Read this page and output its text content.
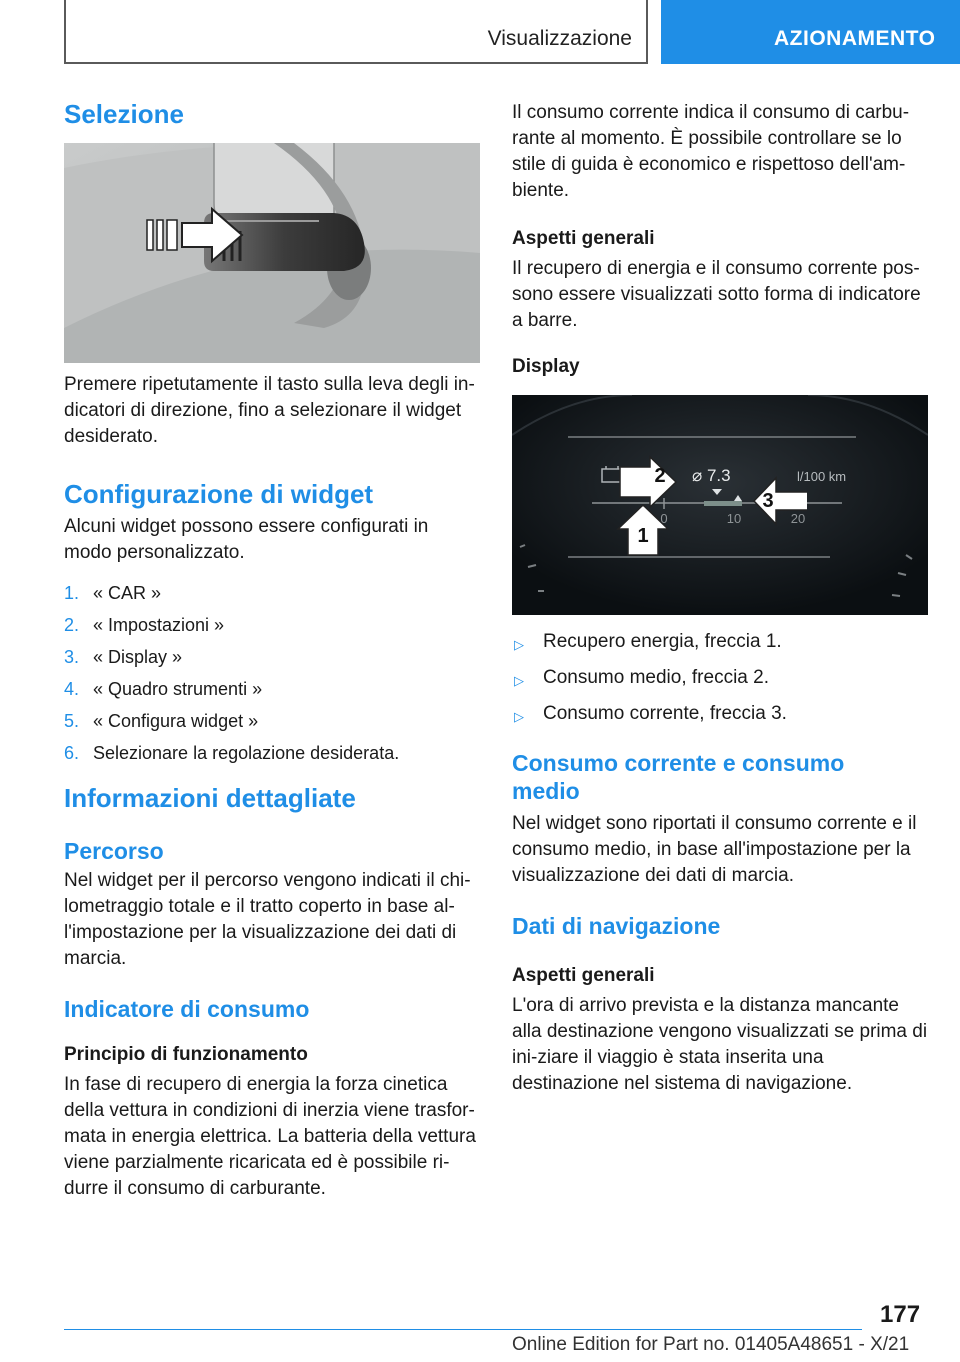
Visualizzazione	AZIONAMENTO
Selezione

Premere ripetutamente il tasto sulla leva degli in-dicatori di direzione, fino a selezionare il widget desiderato.

Configurazione di widget

Alcuni widget possono essere configurati in modo personalizzato.

1. « CAR »
2. « Impostazioni »
3. « Display »
4. « Quadro strumenti »
5. « Configura widget »
6. Selezionare la regolazione desiderata.
Informazioni dettagliate
Percorso

Nel widget per il percorso vengono indicati il chi-lometraggio totale e il tratto coperto in base al-l'impostazione per la visualizzazione dei dati di marcia.

Indicatore di consumo
Principio di funzionamento

In fase di recupero di energia la forza cinetica della vettura in condizioni di inerzia viene trasfor-mata in energia elettrica. La batteria della vettura viene parzialmente ricaricata ed è possibile ri-durre il consumo di carburante.

Il consumo corrente indica il consumo di carbu-rante al momento. È possibile controllare se lo stile di guida è economico e rispettoso dell'am-biente.

Aspetti generali

Il recupero di energia e il consumo corrente pos-sono essere visualizzati sotto forma di indicatore a barre.

Display
0	10	20
⌀ 7.3	l/100 km
2
3
1
▷	Recupero energia, freccia 1.
▷	Consumo medio, freccia 2.
▷	Consumo corrente, freccia 3.
Consumo corrente e consumo medio

Nel widget sono riportati il consumo corrente e il consumo medio, in base all'impostazione per la visualizzazione dei dati di marcia.

Dati di navigazione
Aspetti generali

L'ora di arrivo prevista e la distanza mancante alla destinazione vengono visualizzati se prima di ini-ziare il viaggio è stata inserita una destinazione nel sistema di navigazione.

177
Online Edition for Part no. 01405A48651 - X/21
